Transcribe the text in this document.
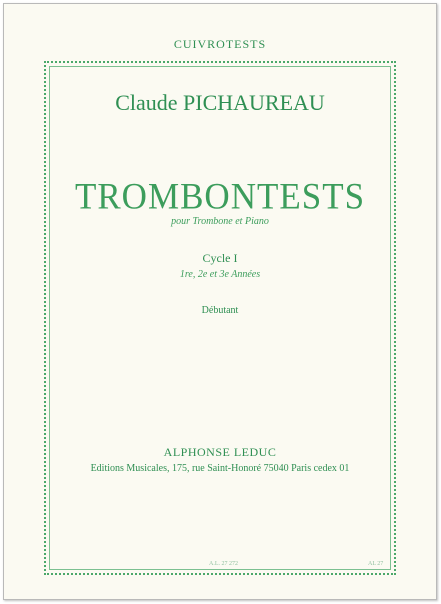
CUIVROTESTS
Claude PICHAUREAU
TROMBONTESTS
pour Trombone et Piano
Cycle I
1re, 2e et 3e Années
Débutant
ALPHONSE LEDUC
Editions Musicales, 175, rue Saint-Honoré 75040 Paris cedex 01
A.L. 27 272	AL 27
